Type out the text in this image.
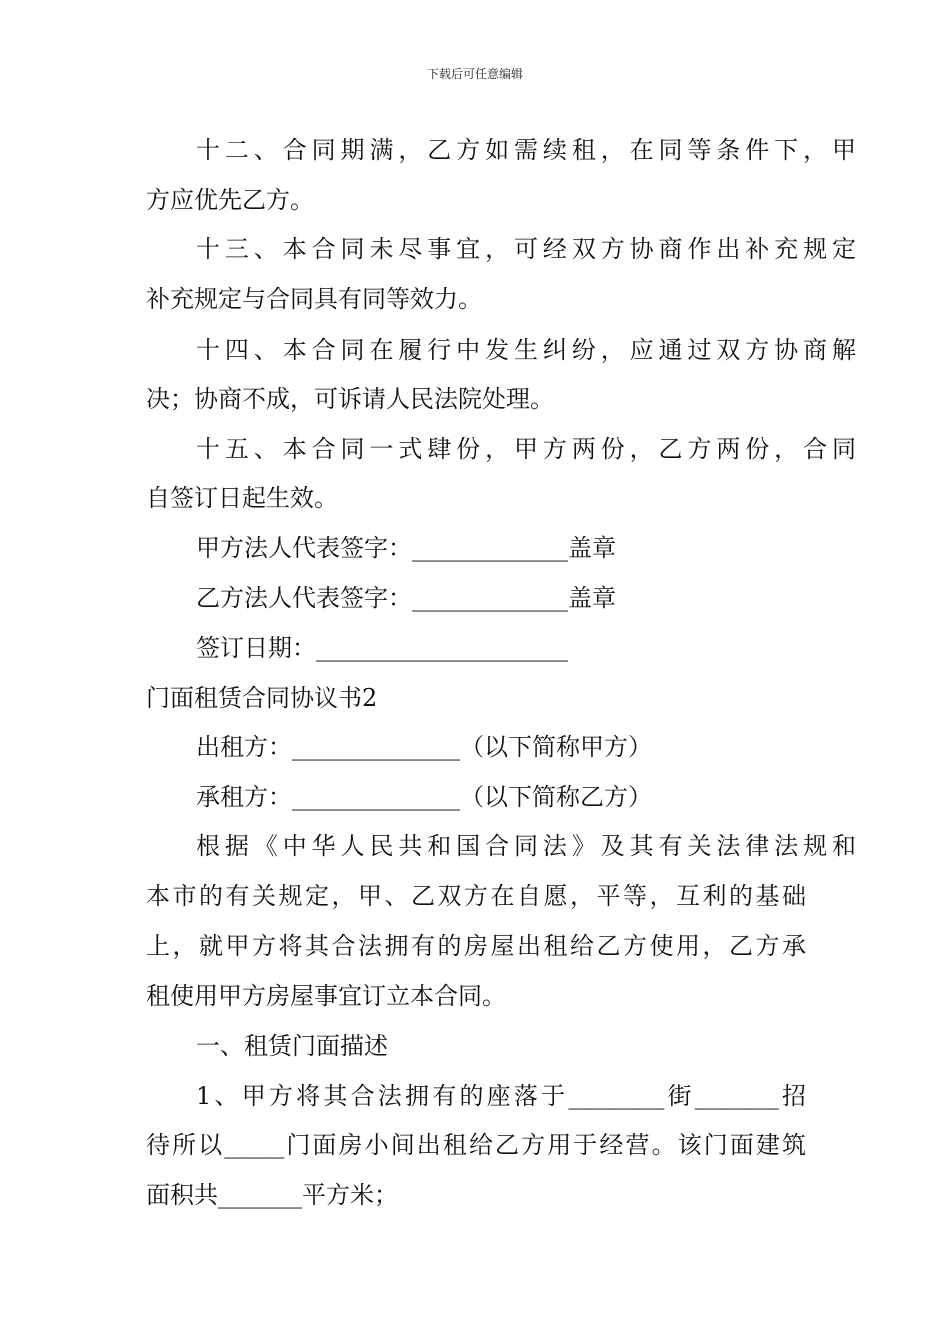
下载后可任意编辑
十二、合同期满，乙方如需续租，在同等条件下，甲
方应优先乙方。
十三、本合同未尽事宜，可经双方协商作出补充规定
补充规定与合同具有同等效力。
十四、本合同在履行中发生纠纷，应通过双方协商解
决；协商不成，可诉请人民法院处理。
十五、本合同一式肆份，甲方两份，乙方两份，合同
自签订日起生效。
甲方法人代表签字：_____________盖章
乙方法人代表签字：_____________盖章
签订日期：_____________________
门面租赁合同协议书2
出租方：______________（以下简称甲方）
承租方：______________（以下简称乙方）
根据《中华人民共和国合同法》及其有关法律法规和
本市的有关规定，甲、乙双方在自愿，平等，互利的基础
上，就甲方将其合法拥有的房屋出租给乙方使用，乙方承
租使用甲方房屋事宜订立本合同。
一、租赁门面描述
1、甲方将其合法拥有的座落于________街_______招
待所以_____门面房小间出租给乙方用于经营。该门面建筑
面积共_______平方米；
